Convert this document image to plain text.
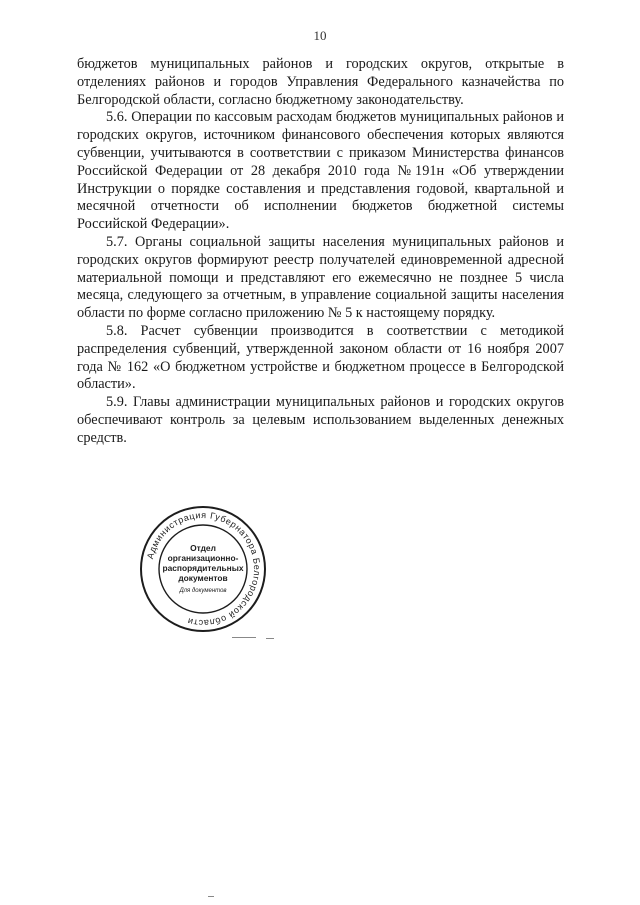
10

бюджетов муниципальных районов и городских округов, открытые в отделениях районов и городов Управления Федерального казначейства по Белгородской области, согласно бюджетному законодательству.

5.6. Операции по кассовым расходам бюджетов муниципальных районов и городских округов, источником финансового обеспечения которых являются субвенции, учитываются в соответствии с приказом Министерства финансов Российской Федерации от 28 декабря 2010 года №191н «Об утверждении Инструкции о порядке составления и представления годовой, квартальной и месячной отчетности об исполнении бюджетов бюджетной системы Российской Федерации».

5.7. Органы социальной защиты населения муниципальных районов и городских округов формируют реестр получателей единовременной адресной материальной помощи и представляют его ежемесячно не позднее 5 числа месяца, следующего за отчетным, в управление социальной защиты населения области по форме согласно приложению № 5 к настоящему порядку.

5.8. Расчет субвенции производится в соответствии с методикой распределения субвенций, утвержденной законом области от 16 ноября 2007 года № 162 «О бюджетном устройстве и бюджетном процессе в Белгородской области».

5.9. Главы администрации муниципальных районов и городских округов обеспечивают контроль за целевым использованием выделенных денежных средств.

Администрация Губернатора Белгородской области
Отдел
организационно-
распорядительных
документов
Для документов
